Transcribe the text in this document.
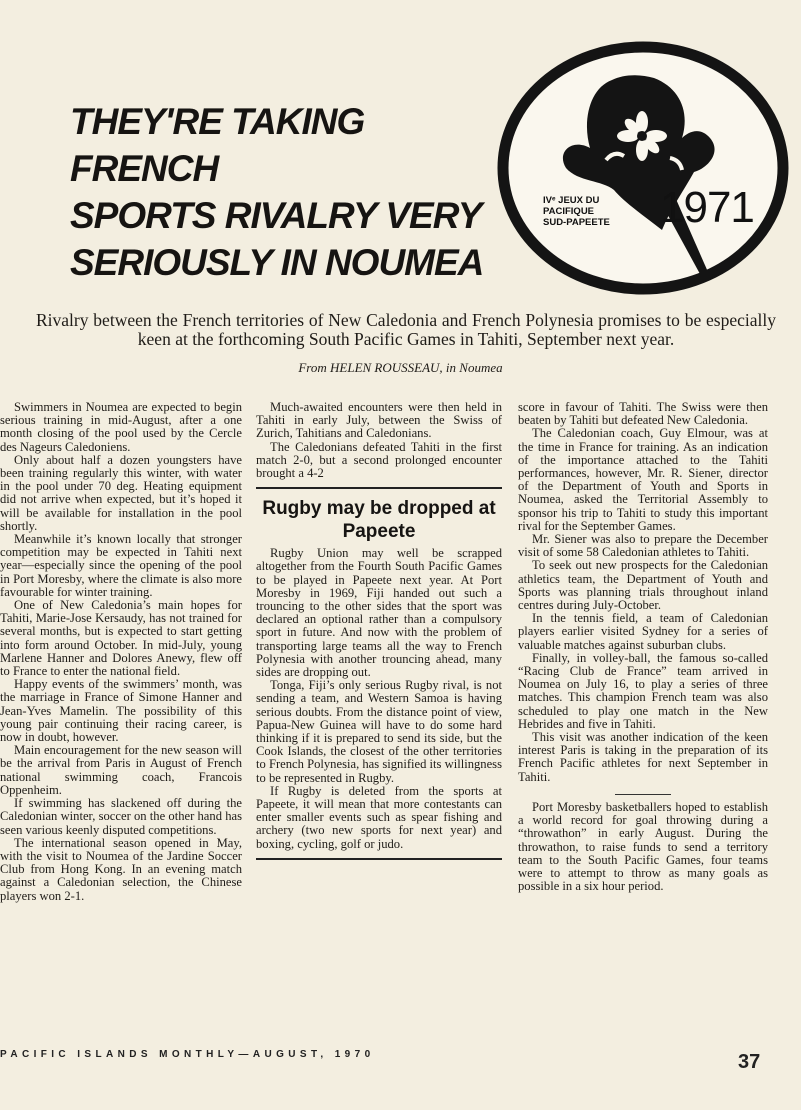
THEY'RE TAKING FRENCH
SPORTS RIVALRY VERY
SERIOUSLY IN NOUMEA
IVᵉ JEUX DU
PACIFIQUE
SUD-PAPEETE 1971

Rivalry between the French territories of New Caledonia and French Polynesia promises to be especially keen at the forthcoming South Pacific Games in Tahiti, September next year.

From HELEN ROUSSEAU, in Noumea

Swimmers in Noumea are expected to begin serious training in mid-August, after a one month closing of the pool used by the Cercle des Nageurs Caledoniens.

Only about half a dozen youngsters have been training regularly this winter, with water in the pool under 70 deg. Heating equipment did not arrive when expected, but it’s hoped it will be available for installation in the pool shortly.

Meanwhile it’s known locally that stronger competition may be expected in Tahiti next year—especially since the opening of the pool in Port Moresby, where the climate is also more favourable for winter training.

One of New Caledonia’s main hopes for Tahiti, Marie-Jose Kersaudy, has not trained for several months, but is expected to start getting into form around October. In mid-July, young Marlene Hanner and Dolores Anewy, flew off to France to enter the national field.

Happy events of the swimmers’ month, was the marriage in France of Simone Hanner and Jean-Yves Mamelin. The possibility of this young pair continuing their racing career, is now in doubt, however.

Main encouragement for the new season will be the arrival from Paris in August of French national swimming coach, Francois Oppenheim.

If swimming has slackened off during the Caledonian winter, soccer on the other hand has seen various keenly disputed competitions.

The international season opened in May, with the visit to Noumea of the Jardine Soccer Club from Hong Kong. In an evening match against a Caledonian selection, the Chinese players won 2-1.

Much-awaited encounters were then held in Tahiti in early July, between the Swiss of Zurich, Tahitians and Caledonians.

The Caledonians defeated Tahiti in the first match 2-0, but a second prolonged encounter brought a 4-2

Rugby may be dropped at Papeete

Rugby Union may well be scrapped altogether from the Fourth South Pacific Games to be played in Papeete next year. At Port Moresby in 1969, Fiji handed out such a trouncing to the other sides that the sport was declared an optional rather than a compulsory sport in future. And now with the problem of transporting large teams all the way to French Polynesia with another trouncing ahead, many sides are dropping out.

Tonga, Fiji’s only serious Rugby rival, is not sending a team, and Western Samoa is having serious doubts. From the distance point of view, Papua-New Guinea will have to do some hard thinking if it is prepared to send its side, but the Cook Islands, the closest of the other territories to French Polynesia, has signified its willingness to be represented in Rugby.

If Rugby is deleted from the sports at Papeete, it will mean that more contestants can enter smaller events such as spear fishing and archery (two new sports for next year) and boxing, cycling, golf or judo.

score in favour of Tahiti. The Swiss were then beaten by Tahiti but defeated New Caledonia.

The Caledonian coach, Guy Elmour, was at the time in France for training. As an indication of the importance attached to the Tahiti performances, however, Mr. R. Siener, director of the Department of Youth and Sports in Noumea, asked the Territorial Assembly to sponsor his trip to Tahiti to study this important rival for the September Games.

Mr. Siener was also to prepare the December visit of some 58 Caledonian athletes to Tahiti.

To seek out new prospects for the Caledonian athletics team, the Department of Youth and Sports was planning trials throughout inland centres during July-October.

In the tennis field, a team of Caledonian players earlier visited Sydney for a series of valuable matches against suburban clubs.

Finally, in volley-ball, the famous so-called “Racing Club de France” team arrived in Noumea on July 16, to play a series of three matches. This champion French team was also scheduled to play one match in the New Hebrides and five in Tahiti.

This visit was another indication of the keen interest Paris is taking in the preparation of its French Pacific athletes for next September in Tahiti.

Port Moresby basketballers hoped to establish a world record for goal throwing during a “throwathon” in early August. During the throwathon, to raise funds to send a territory team to the South Pacific Games, four teams were to attempt to throw as many goals as possible in a six hour period.

PACIFIC ISLANDS MONTHLY—AUGUST, 1970	37
